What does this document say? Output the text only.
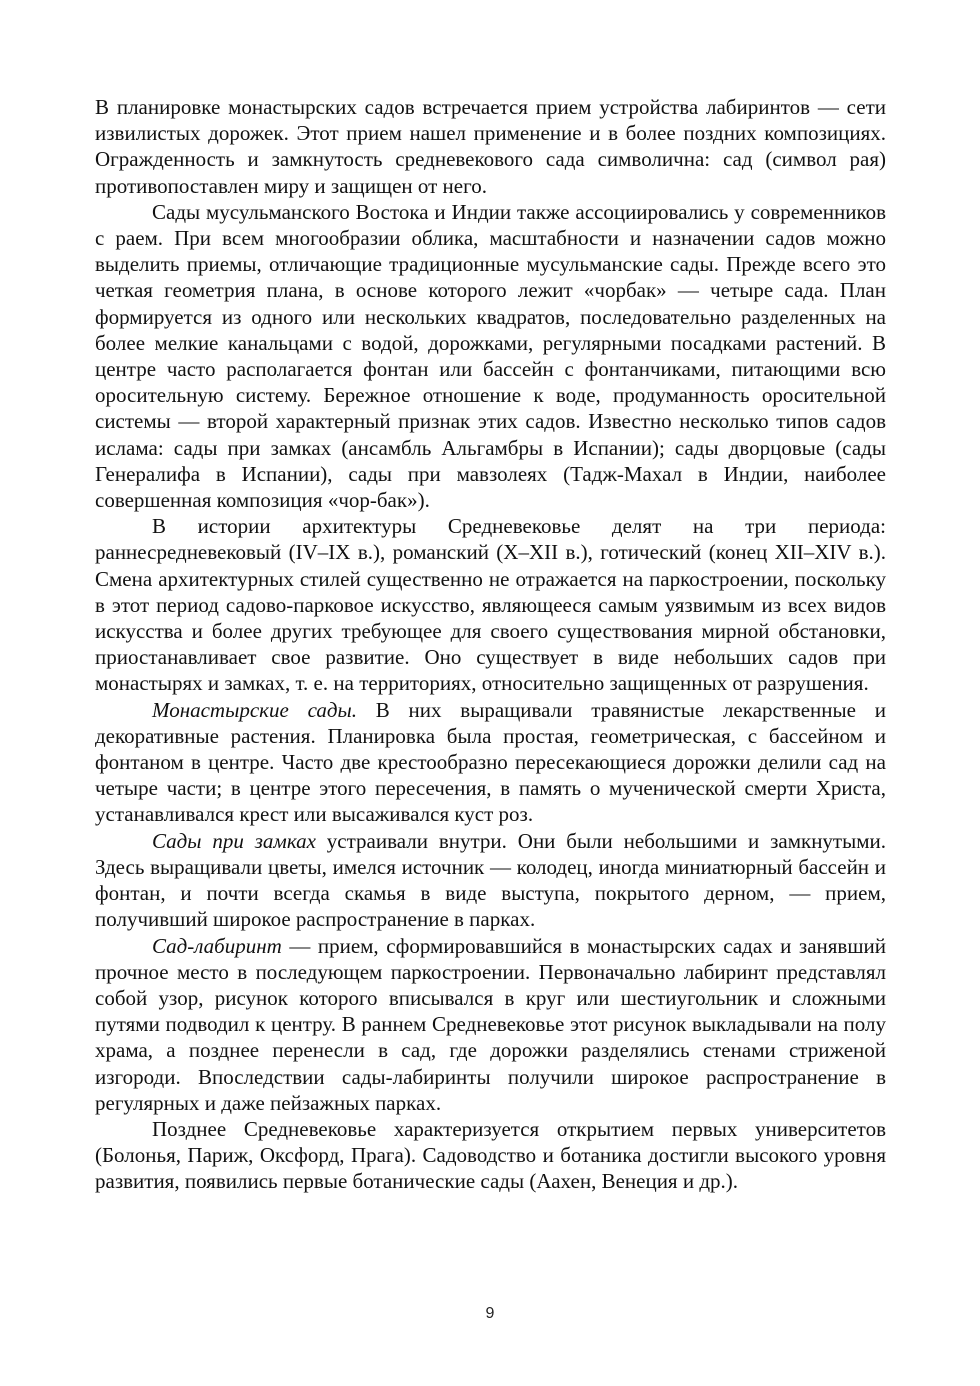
В планировке монастырских садов встречается прием устройства лабиринтов — сети извилистых дорожек. Этот прием нашел применение и в более поздних композициях. Огражденность и замкнутость средневекового сада символична: сад (символ рая) противопоставлен миру и защищен от него.

Сады мусульманского Востока и Индии также ассоциировались у современников с раем. При всем многообразии облика, масштабности и назначении садов можно выделить приемы, отличающие традиционные мусульманские сады. Прежде всего это четкая геометрия плана, в основе которого лежит «чорбак» — четыре сада. План формируется из одного или нескольких квадратов, последовательно разделенных на более мелкие канальцами с водой, дорожками, регулярными посадками растений. В центре часто располагается фонтан или бассейн с фонтанчиками, питающими всю оросительную систему. Бережное отношение к воде, продуманность оросительной системы — второй характерный признак этих садов. Известно несколько типов садов ислама: сады при замках (ансамбль Альгамбры в Испании); сады дворцовые (сады Генералифа в Испании), сады при мавзолеях (Тадж-Махал в Индии, наиболее совершенная композиция «чор-бак»).

В истории архитектуры Средневековье делят на три периода: раннесредневековый (IV–IX в.), романский (X–XII в.), готический (конец XII–XIV в.). Смена архитектурных стилей существенно не отражается на паркостроении, поскольку в этот период садово-парковое искусство, являющееся самым уязвимым из всех видов искусства и более других требующее для своего существования мирной обстановки, приостанавливает свое развитие. Оно существует в виде небольших садов при монастырях и замках, т. е. на территориях, относительно защищенных от разрушения.

Монастырские сады. В них выращивали травянистые лекарственные и декоративные растения. Планировка была простая, геометрическая, с бассейном и фонтаном в центре. Часто две крестообразно пересекающиеся дорожки делили сад на четыре части; в центре этого пересечения, в память о мученической смерти Христа, устанавливался крест или высаживался куст роз.

Сады при замках устраивали внутри. Они были небольшими и замкнутыми. Здесь выращивали цветы, имелся источник — колодец, иногда миниатюрный бассейн и фонтан, и почти всегда скамья в виде выступа, покрытого дерном, — прием, получивший широкое распространение в парках.

Сад-лабиринт — прием, сформировавшийся в монастырских садах и занявший прочное место в последующем паркостроении. Первоначально лабиринт представлял собой узор, рисунок которого вписывался в круг или шестиугольник и сложными путями подводил к центру. В раннем Средневековье этот рисунок выкладывали на полу храма, а позднее перенесли в сад, где дорожки разделялись стенами стриженой изгороди. Впоследствии сады-лабиринты получили широкое распространение в регулярных и даже пейзажных парках.

Позднее Средневековье характеризуется открытием первых университетов (Болонья, Париж, Оксфорд, Прага). Садоводство и ботаника достигли высокого уровня развития, появились первые ботанические сады (Аахен, Венеция и др.).

9
